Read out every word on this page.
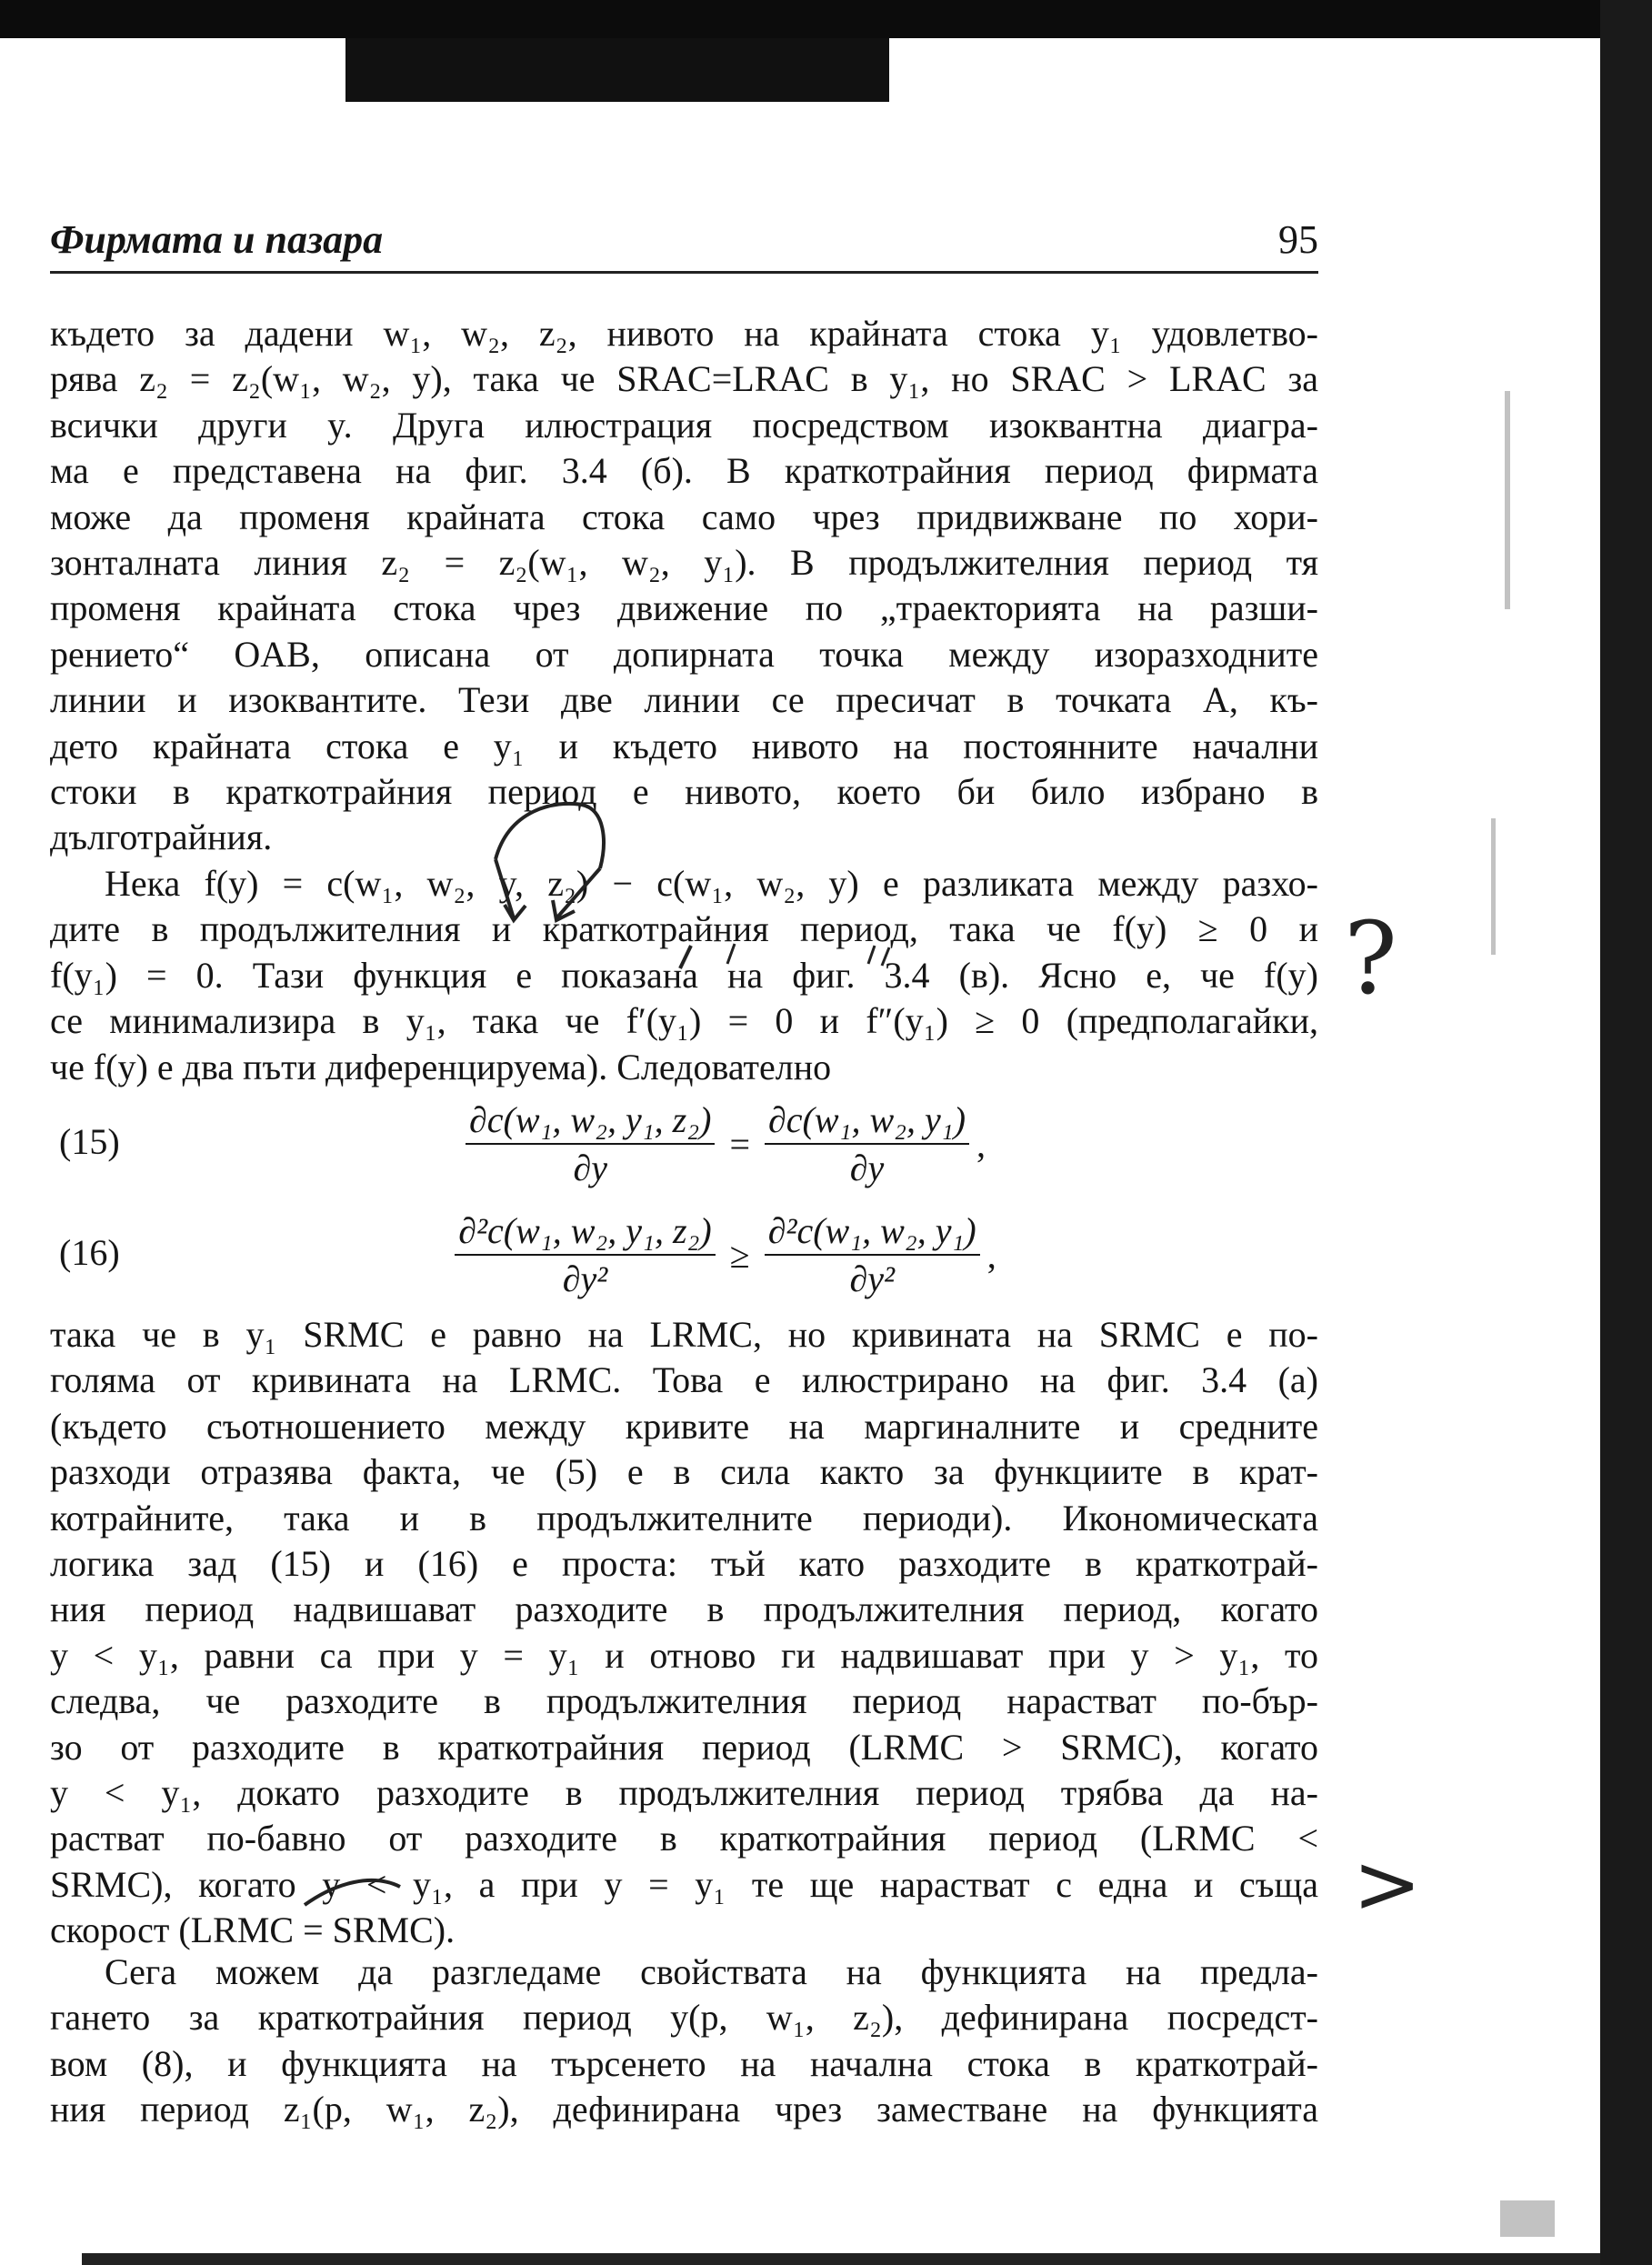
Фирмата и пазара	95
където за дадени w₁, w₂, z₂, нивото на крайната стока y₁ удовлетво-
рява z₂ = z₂(w₁, w₂, y), така че SRAC=LRAC в y₁, но SRAC > LRAC за
всички други y. Друга илюстрация посредством изоквантна диагра-
ма е представена на фиг. 3.4 (б). В краткотрайния период фирмата
може да променя крайната стока само чрез придвижване по хори-
зонталната линия z₂ = z₂(w₁, w₂, y₁). В продължителния период тя
променя крайната стока чрез движение по „траекторията на разши-
рението“ OAB, описана от допирната точка между изоразходните
линии и изоквантите. Тези две линии се пресичат в точката A, къ-
дето крайната стока е y₁ и където нивото на постоянните начални
стоки в краткотрайния период е нивото, което би било избрано в
дълготрайния.
Нека f(y) = c(w₁, w₂, y, z₂) − c(w₁, w₂, y) е разликата между разхо-
дите в продължителния и краткотрайния период, така че f(y) ≥ 0 и
f(y₁) = 0. Тази функция е показана на фиг. 3.4 (в). Ясно е, че f(y)
се минимализира в y₁, така че f′(y₁) = 0 и f″(y₁) ≥ 0 (предполагайки,
че f(y) е два пъти диференцируема). Следователно
(15)	$\frac{\text{∂c(w₁, w₂, y₁, z₂)}}{\partial y} = \frac{\text{∂c(w₁, w₂, y₁)}}{\partial y}$ ,
(16)	$\frac{\text{∂²c(w₁, w₂, y₁, z₂)}}{\text{∂y²}} \ge \frac{\text{∂²c(w₁, w₂, y₁)}}{\text{∂y²}}$ ,
така че в y₁ SRMC е равно на LRMC, но кривината на SRMC е по-
голяма от кривината на LRMC. Това е илюстрирано на фиг. 3.4 (а)
(където съотношението между кривите на маргиналните и средните
разходи отразява факта, че (5) е в сила както за функциите в крат-
котрайните, така и в продължителните периоди). Икономическата
логика зад (15) и (16) е проста: тъй като разходите в краткотрай-
ния период надвишават разходите в продължителния период, когато
y < y₁, равни са при y = y₁ и отново ги надвишават при y > y₁, то
следва, че разходите в продължителния период нарастват по-бър-
зо от разходите в краткотрайния период (LRMC > SRMC), когато
y < y₁, докато разходите в продължителния период трябва да на-
растват по-бавно от разходите в краткотрайния период (LRMC <
SRMC), когато y < y₁, а при y = y₁ те ще нарастват с една и съща
скорост (LRMC = SRMC).
Сега можем да разгледаме свойствата на функцията на предла-
гането за краткотрайния период y(p, w₁, z₂), дефинирана посредст-
вом (8), и функцията на търсенето на начална стока в краткотрай-
ния период z₁(p, w₁, z₂), дефинирана чрез заместване на функцията
?
>
